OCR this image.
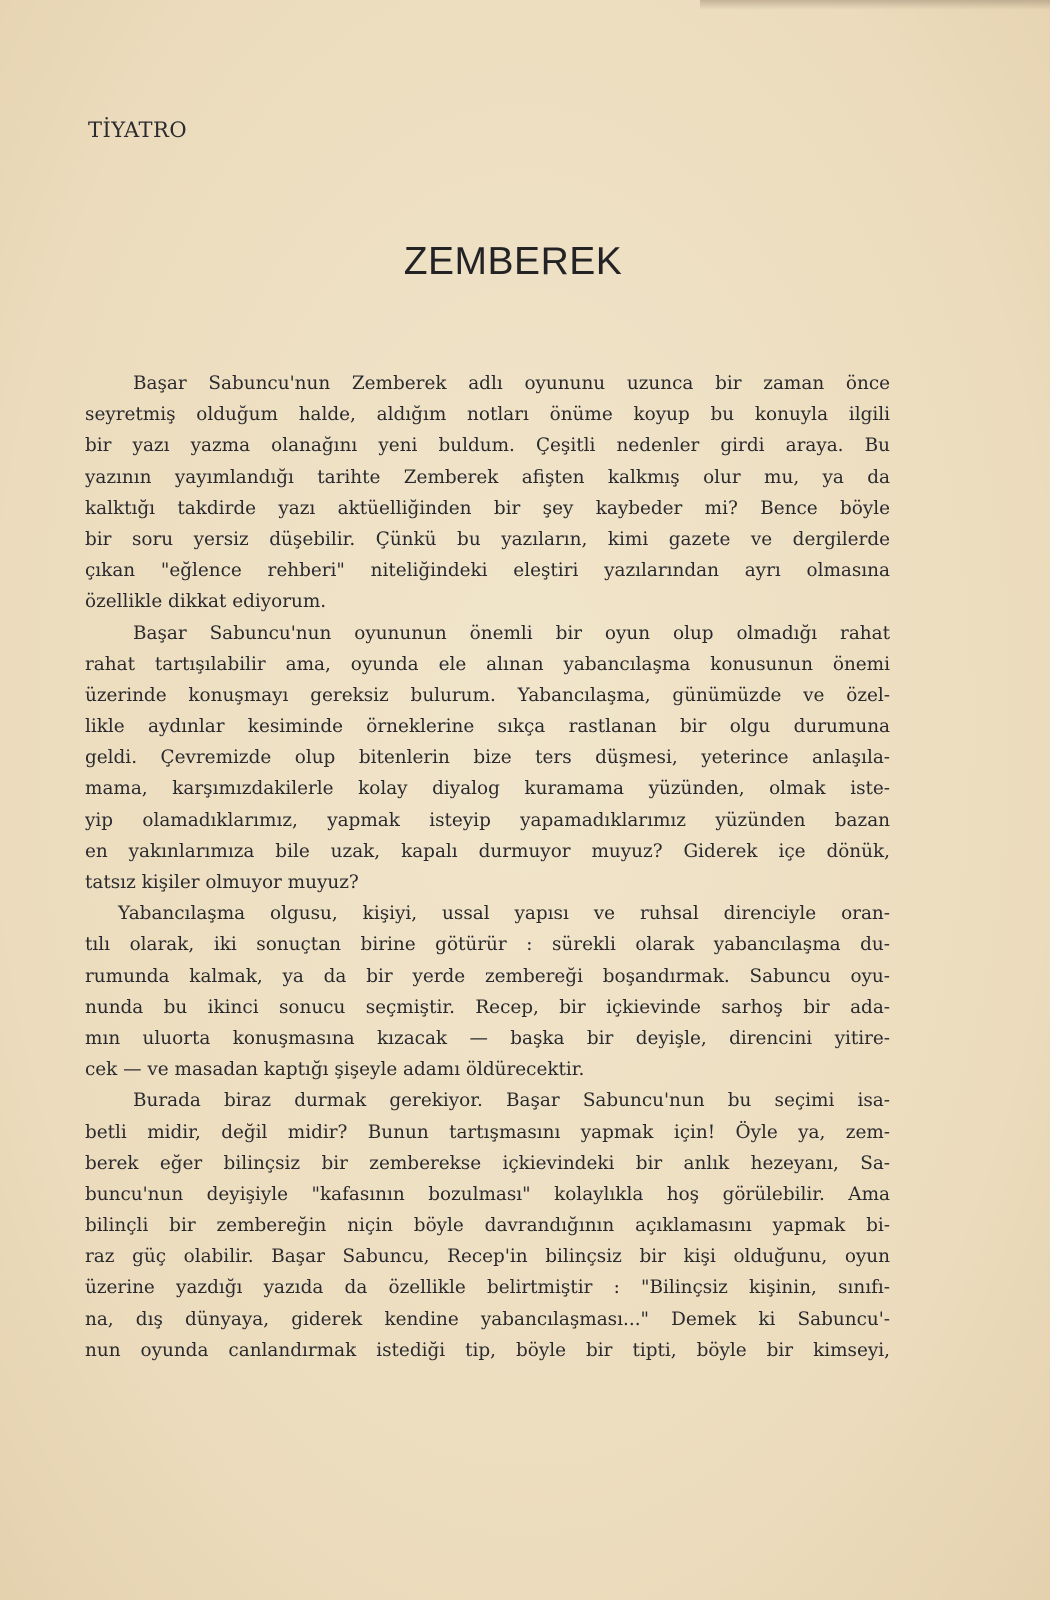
TİYATRO
ZEMBEREK
Başar Sabuncu'nun Zemberek adlı oyununu uzunca bir zaman önce
seyretmiş olduğum halde, aldığım notları önüme koyup bu konuyla ilgili
bir yazı yazma olanağını yeni buldum. Çeşitli nedenler girdi araya. Bu
yazının yayımlandığı tarihte Zemberek afişten kalkmış olur mu, ya da
kalktığı takdirde yazı aktüelliğinden bir şey kaybeder mi? Bence böyle
bir soru yersiz düşebilir. Çünkü bu yazıların, kimi gazete ve dergilerde
çıkan "eğlence rehberi" niteliğindeki eleştiri yazılarından ayrı olmasına
özellikle dikkat ediyorum.
Başar Sabuncu'nun oyununun önemli bir oyun olup olmadığı rahat
rahat tartışılabilir ama, oyunda ele alınan yabancılaşma konusunun önemi
üzerinde konuşmayı gereksiz bulurum. Yabancılaşma, günümüzde ve özel-
likle aydınlar kesiminde örneklerine sıkça rastlanan bir olgu durumuna
geldi. Çevremizde olup bitenlerin bize ters düşmesi, yeterince anlaşıla-
mama, karşımızdakilerle kolay diyalog kuramama yüzünden, olmak iste-
yip olamadıklarımız, yapmak isteyip yapamadıklarımız yüzünden bazan
en yakınlarımıza bile uzak, kapalı durmuyor muyuz? Giderek içe dönük,
tatsız kişiler olmuyor muyuz?
Yabancılaşma olgusu, kişiyi, ussal yapısı ve ruhsal direnciyle oran-
tılı olarak, iki sonuçtan birine götürür : sürekli olarak yabancılaşma du-
rumunda kalmak, ya da bir yerde zembereği boşandırmak. Sabuncu oyu-
nunda bu ikinci sonucu seçmiştir. Recep, bir içkievinde sarhoş bir ada-
mın uluorta konuşmasına kızacak — başka bir deyişle, direncini yitire-
cek — ve masadan kaptığı şişeyle adamı öldürecektir.
Burada biraz durmak gerekiyor. Başar Sabuncu'nun bu seçimi isa-
betli midir, değil midir? Bunun tartışmasını yapmak için! Öyle ya, zem-
berek eğer bilinçsiz bir zemberekse içkievindeki bir anlık hezeyanı, Sa-
buncu'nun deyişiyle "kafasının bozulması" kolaylıkla hoş görülebilir. Ama
bilinçli bir zembereğin niçin böyle davrandığının açıklamasını yapmak bi-
raz güç olabilir. Başar Sabuncu, Recep'in bilinçsiz bir kişi olduğunu, oyun
üzerine yazdığı yazıda da özellikle belirtmiştir : "Bilinçsiz kişinin, sınıfı-
na, dış dünyaya, giderek kendine yabancılaşması..." Demek ki Sabuncu'-
nun oyunda canlandırmak istediği tip, böyle bir tipti, böyle bir kimseyi,
